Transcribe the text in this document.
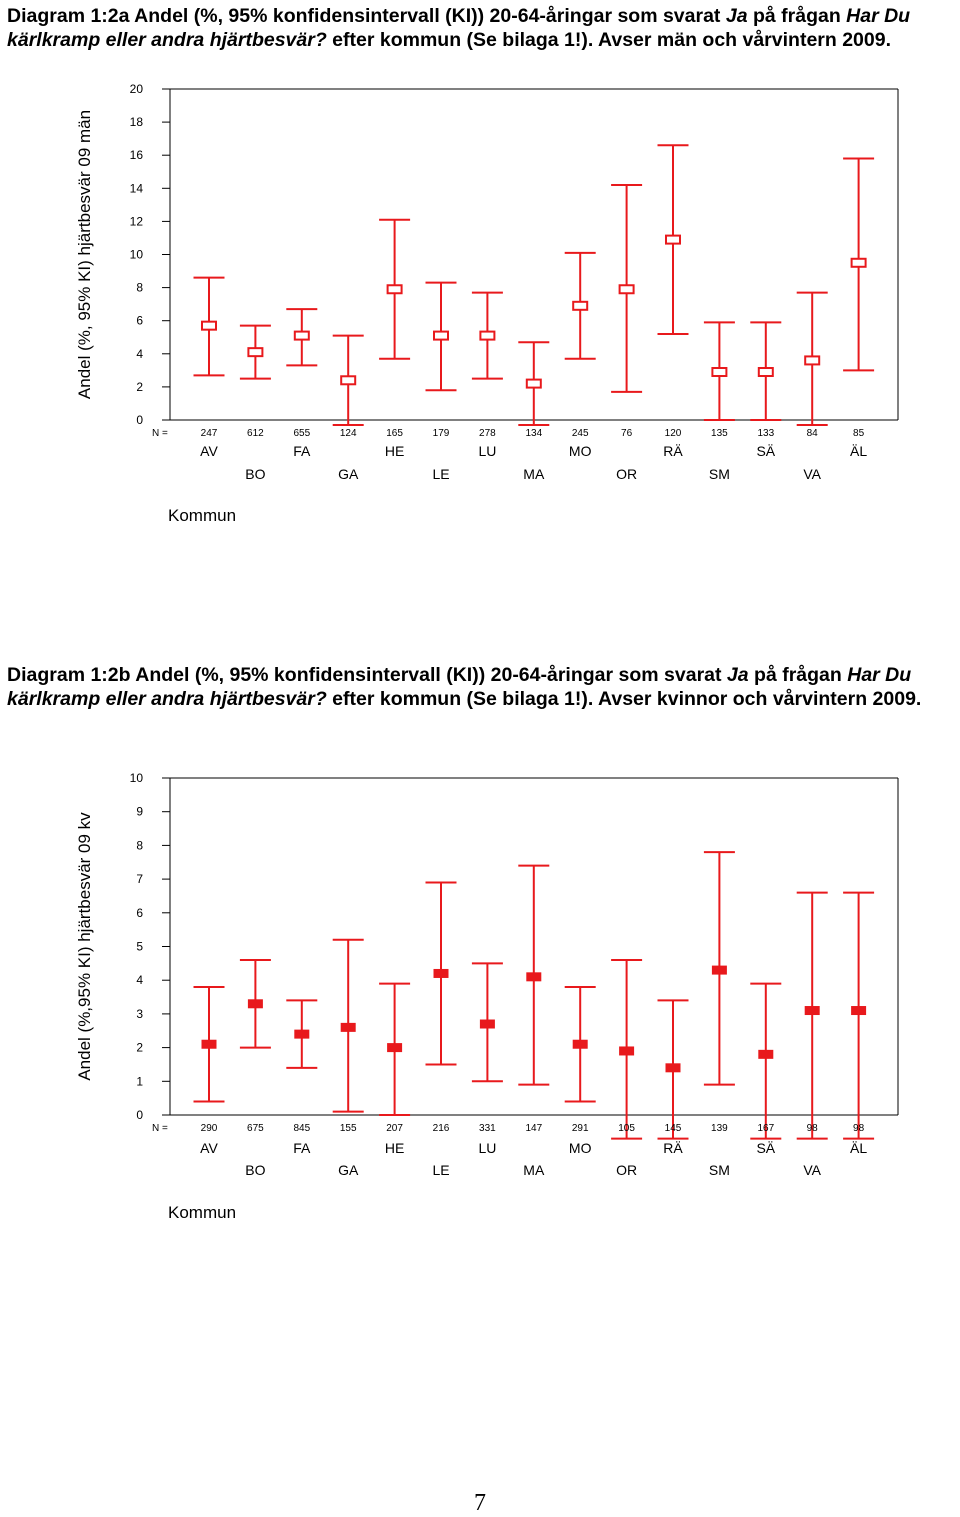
Diagram 1:2a Andel (%, 95% konfidensintervall (KI)) 20-64-åringar som svarat Ja på frågan Har Du kärlkramp eller andra hjärtbesvär? efter kommun (Se bilaga 1!). Avser män och vårvintern 2009.
0
2
4
6
8
10
12
14
16
18
20
Andel (%, 95% KI) hjärtbesvär 09 män
247
AV
612
BO
655
FA
124
GA
165
HE
179
LE
278
LU
134
MA
245
MO
76
OR
120
RÄ
135
SM
133
SÄ
84
VA
85
ÄL
N =
Kommun
Diagram 1:2b Andel (%, 95% konfidensintervall (KI)) 20-64-åringar som svarat Ja på frågan Har Du kärlkramp eller andra hjärtbesvär? efter kommun (Se bilaga 1!). Avser kvinnor och vårvintern 2009.
0
1
2
3
4
5
6
7
8
9
10
Andel (%,95% KI) hjärtbesvär 09 kv
290
AV
675
BO
845
FA
155
GA
207
HE
216
LE
331
LU
147
MA
291
MO
105
OR
145
RÄ
139
SM
167
SÄ
98
VA
98
ÄL
N =
Kommun
7
